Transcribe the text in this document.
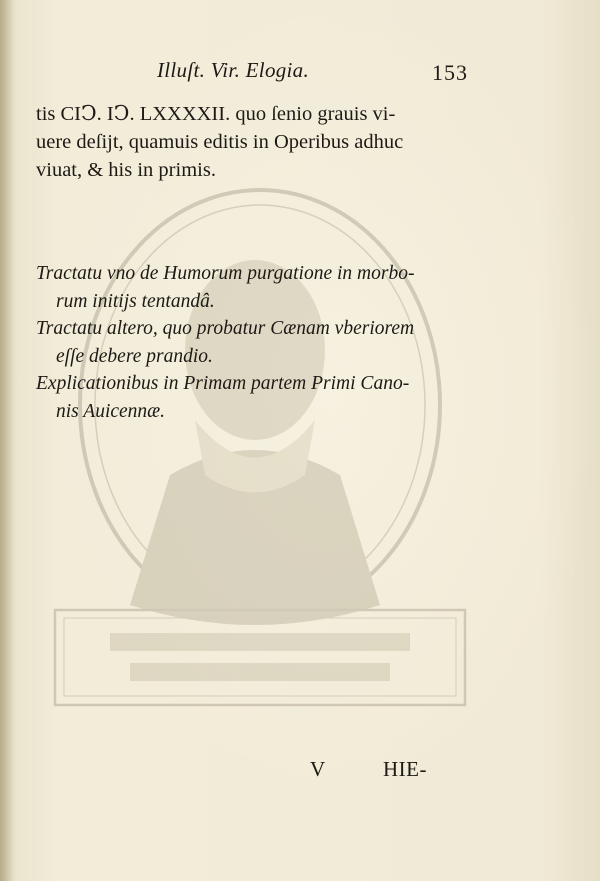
Illuſt. Vir. Elogia.	153
tis CIↃ. IↃ. LXXXXII. quo ſenio grauis vi-
uere deſijt, quamuis editis in Operibus adhuc
viuat, & his in primis.
Tractatu vno de Humorum purgatione in morbo-
rum initijs tentandâ.
Tractatu altero, quo probatur Cænam vberiorem
eſſe debere prandio.
Explicationibus in Primam partem Primi Cano-
nis Auicennæ.
V	HIE-
